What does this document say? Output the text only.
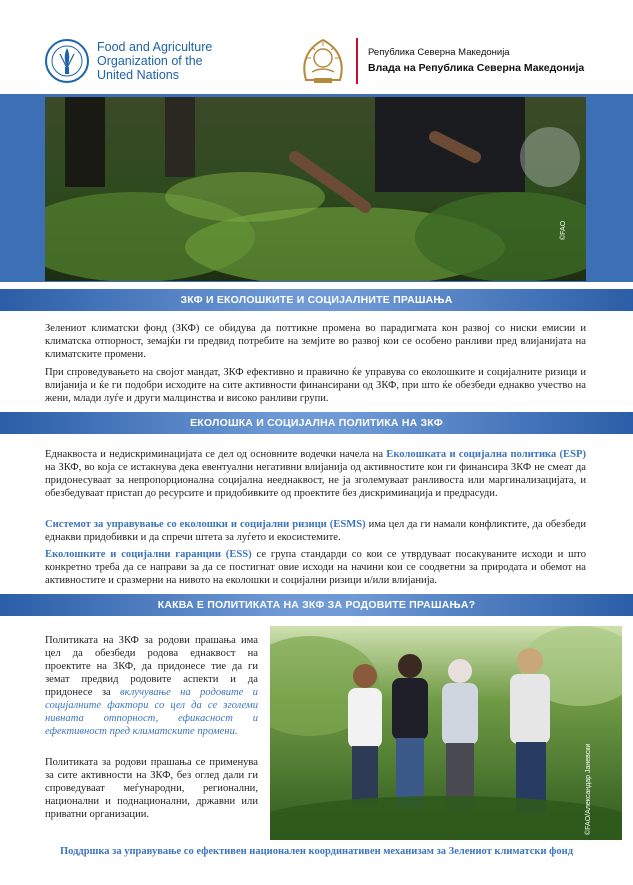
Food and Agriculture
Organization of the
United Nations
Република Северна Македонија
Влада на Република Северна Македонија
©FAO
ЗКФ И ЕКОЛОШКИТЕ И СОЦИЈАЛНИТЕ ПРАШАЊА
Зелениот климатски фонд (ЗКФ) се обидува да поттикне промена во парадигмата кон развој со ниски емисии и климатска отпорност, земајќи ги предвид потребите на земјите во развој кои се особено ранливи пред влијанијата на климатските промени.
При спроведувањето на својот мандат, ЗКФ ефективно и правично ќе управува со еколошките и социјалните ризици и влијанија и ќе ги подобри исходите на сите активности финансирани од ЗКФ, при што ќе обезбеди еднакво учество на жени, млади луѓе и други малцинства и високо ранливи групи.
ЕКОЛОШКА И СОЦИЈАЛНА ПОЛИТИКА НА ЗКФ
Еднаквоста и недискриминацијата се дел од основните водечки начела на Еколошката и социјална политика (ESP) на ЗКФ, во која се истакнува дека евентуални негативни влијанија од активностите кои ги финансира ЗКФ не смеат да придонесуваат за непропорционална социјална нееднаквост, не ја зголемуваат ранливоста или маргинализацијата, и обезбедуваат пристап до ресурсите и придобивките од проектите без дискриминација и предрасуди.
Системот за управување со еколошки и социјални ризици (ESMS) има цел да ги намали конфликтите, да обезбеди еднакви придобивки и да спречи штета за луѓето и екосистемите.
Еколошките и социјални гаранции (ESS) се група стандарди со кои се утврдуваат посакуваните исходи и што конкретно треба да се направи за да се постигнат овие исходи на начини кои се соодветни за природата и обемот на активностите и сразмерни на нивото на еколошки и социјални ризици и/или влијанија.
КАКВА Е ПОЛИТИКАТА НА ЗКФ ЗА РОДОВИТЕ ПРАШАЊА?
Политиката на ЗКФ за родови прашања има цел да обезбеди родова еднаквост на проектите на ЗКФ, да придонесе тие да ги земат предвид родовите аспекти и да придонесе за вклучување на родовите и социјалните фактори со цел да се зголеми нивната отпорност, ефикасност и ефективност пред климатските промени.
Политиката за родови прашања се применува за сите активности на ЗКФ, без оглед дали ги спроведуваат меѓународни, регионални, национални и поднационални, државни или приватни организации.	©FAO/Александар Јаневски
Поддршка за управување со ефективен национален координативен механизам за Зелениот климатски фонд
